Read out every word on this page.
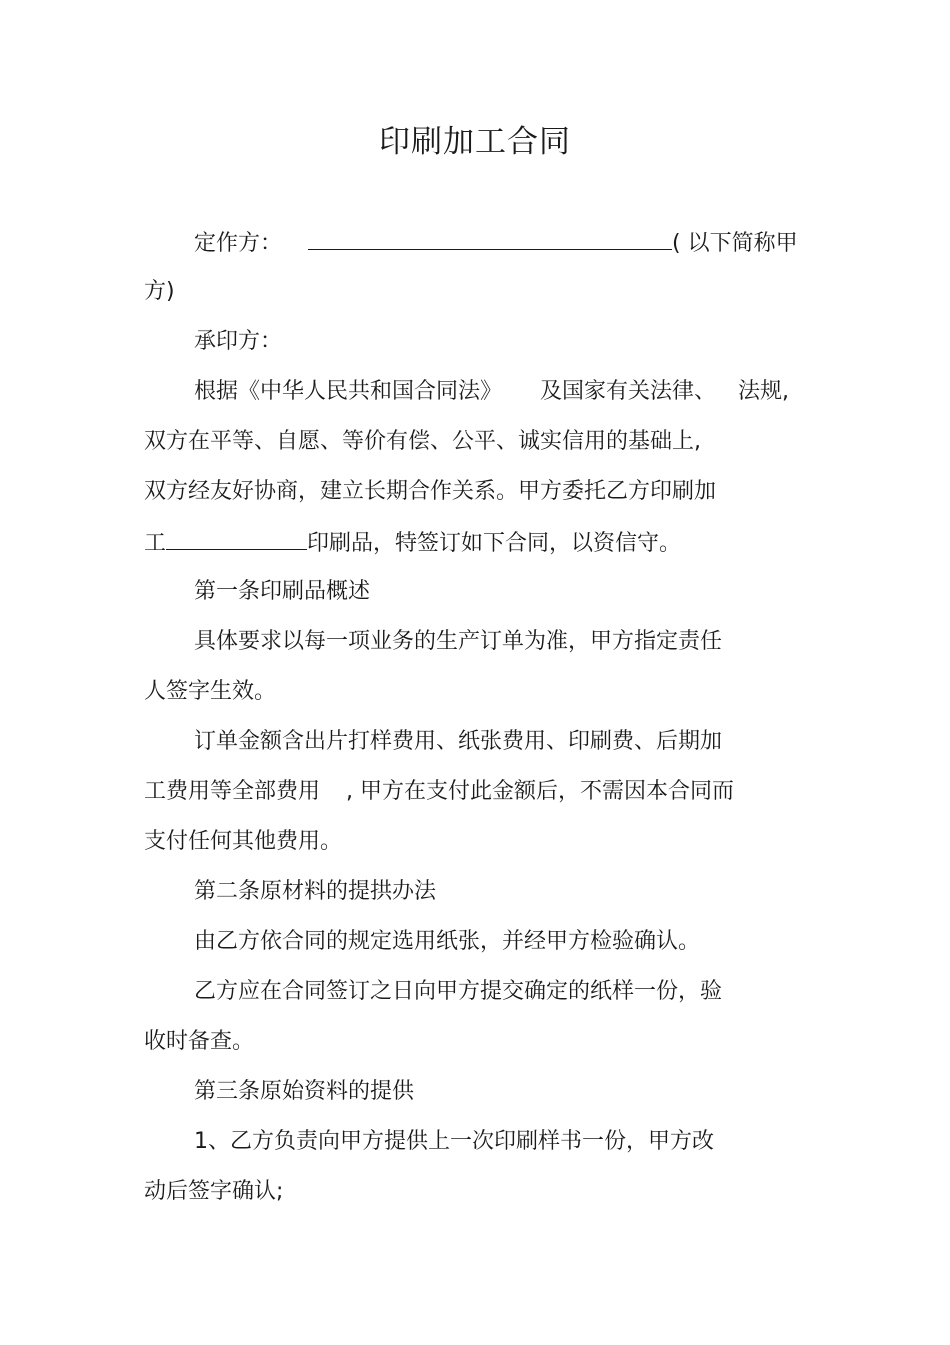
印刷加工合同

定作方：	( 以下简称甲

方)

承印方：

根据《中华人民共和国合同法》 及国家有关法律、 法规,

双方在平等、自愿、等价有偿、公平、诚实信用的基础上,

双方经友好协商，建立长期合作关系。甲方委托乙方印刷加

工	印刷品，特签订如下合同，以资信守。

第一条印刷品概述

具体要求以每一项业务的生产订单为准，甲方指定责任

人签字生效。

订单金额含出片打样费用、纸张费用、印刷费、后期加

工费用等全部费用 , 甲方在支付此金额后，不需因本合同而

支付任何其他费用。

第二条原材料的提拱办法

由乙方依合同的规定选用纸张，并经甲方检验确认。

乙方应在合同签订之日向甲方提交确定的纸样一份，验

收时备查。

第三条原始资料的提供

1、乙方负责向甲方提供上一次印刷样书一份，甲方改

动后签字确认;
